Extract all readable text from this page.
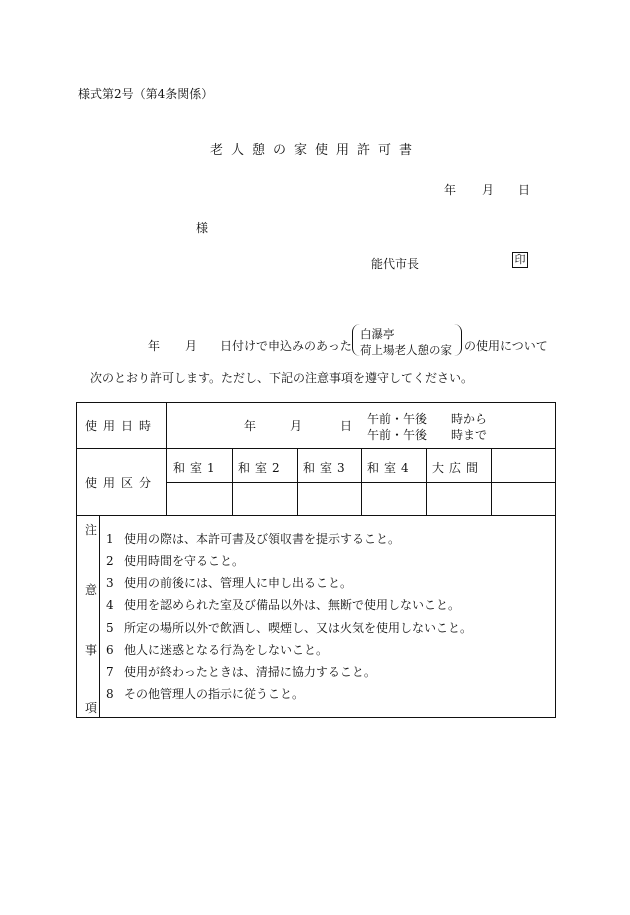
様式第2号（第4条関係）
老人憩の家使用許可書
年 月 日
様
能代市長	印
年 月 日付けで申込みのあった
白瀑亭
荷上場老人憩の家 の使用について
次のとおり許可します。ただし、下記の注意事項を遵守してください。
使用日時	年	月	日 午前・午後　　時から
午前・午後　　時まで
使用区分
和室1 和室2 和室3 和室4 大広間
注
意
事
項
1 使用の際は、本許可書及び領収書を提示すること。
2 使用時間を守ること。
3 使用の前後には、管理人に申し出ること。
4 使用を認められた室及び備品以外は、無断で使用しないこと。
5 所定の場所以外で飲酒し、喫煙し、又は火気を使用しないこと。
6 他人に迷惑となる行為をしないこと。
7 使用が終わったときは、清掃に協力すること。
8 その他管理人の指示に従うこと。
